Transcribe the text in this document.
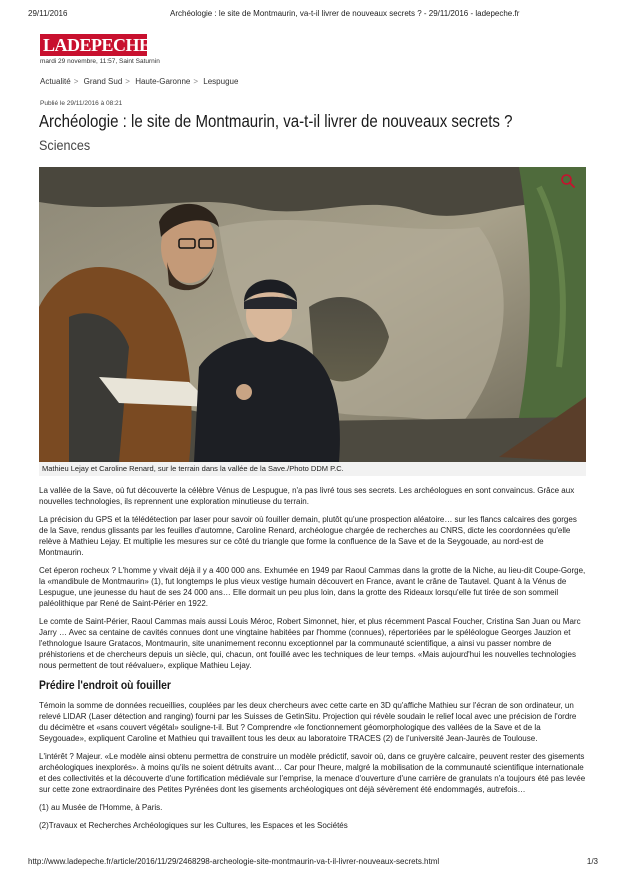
29/11/2016	Archéologie : le site de Montmaurin, va-t-il livrer de nouveaux secrets ? - 29/11/2016 - ladepeche.fr
LADEPECHE.fr
mardi 29 novembre, 11:57, Saint Saturnin
Actualité > Grand Sud > Haute-Garonne > Lespugue
Publié le 29/11/2016 à 08:21
Archéologie : le site de Montmaurin, va-t-il livrer de nouveaux secrets ?
Sciences
Mathieu Lejay et Caroline Renard, sur le terrain dans la vallée de la Save./Photo DDM P.C.

La vallée de la Save, où fut découverte la célèbre Vénus de Lespugue, n'a pas livré tous ses secrets. Les archéologues en sont convaincus. Grâce aux nouvelles technologies, ils reprennent une exploration minutieuse du terrain.

La précision du GPS et la télédétection par laser pour savoir où fouiller demain, plutôt qu'une prospection aléatoire… sur les flancs calcaires des gorges de la Save, rendus glissants par les feuilles d'automne, Caroline Renard, archéologue chargée de recherches au CNRS, dicte les coordonnées qu'elle relève à Mathieu Lejay. Et multiplie les mesures sur ce côté du triangle que forme la confluence de la Save et de la Seygouade, au nord-est de Montmaurin.

Cet éperon rocheux ? L'homme y vivait déjà il y a 400 000 ans. Exhumée en 1949 par Raoul Cammas dans la grotte de la Niche, au lieu-dit Coupe-Gorge, la «mandibule de Montmaurin» (1), fut longtemps le plus vieux vestige humain découvert en France, avant le crâne de Tautavel. Quant à la Vénus de Lespugue, une jeunesse du haut de ses 24 000 ans… Elle dormait un peu plus loin, dans la grotte des Rideaux lorsqu'elle fut tirée de son sommeil paléolithique par René de Saint-Périer en 1922.

Le comte de Saint-Périer, Raoul Cammas mais aussi Louis Méroc, Robert Simonnet, hier, et plus récemment Pascal Foucher, Cristina San Juan ou Marc Jarry … Avec sa centaine de cavités connues dont une vingtaine habitées par l'homme (connues), répertoriées par le spéléologue Georges Jauzion et l'ethnologue Isaure Gratacos, Montmaurin, site unanimement reconnu exceptionnel par la communauté scientifique, a ainsi vu passer nombre de préhistoriens et de chercheurs depuis un siècle, qui, chacun, ont fouillé avec les techniques de leur temps. «Mais aujourd'hui les nouvelles technologies nous permettent de tout réévaluer», explique Mathieu Lejay.

Prédire l'endroit où fouiller

Témoin la somme de données recueillies, couplées par les deux chercheurs avec cette carte en 3D qu'affiche Mathieu sur l'écran de son ordinateur, un relevé LIDAR (Laser détection and ranging) fourni par les Suisses de GetinSitu. Projection qui révèle soudain le relief local avec une précision de l'ordre du décimètre et «sans couvert végétal» souligne-t-il. But ? Comprendre «le fonctionnement géomorphologique des vallées de la Save et de la Seygouade», expliquent Caroline et Mathieu qui travaillent tous les deux au laboratoire TRACES (2) de l'université Jean-Jaurès de Toulouse.

L'intérêt ? Majeur. «Le modèle ainsi obtenu permettra de construire un modèle prédictif, savoir où, dans ce gruyère calcaire, peuvent rester des gisements archéologiques inexplorés». à moins qu'ils ne soient détruits avant… Car pour l'heure, malgré la mobilisation de la communauté scientifique internationale et des collectivités et la découverte d'une fortification médiévale sur l'emprise, la menace d'ouverture d'une carrière de granulats n'a toujours été pas levée sur cette zone extraordinaire des Petites Pyrénées dont les gisements archéologiques ont déjà sévèrement été endommagés, autrefois…

(1) au Musée de l'Homme, à Paris.

(2)Travaux et Recherches Archéologiques sur les Cultures, les Espaces et les Sociétés

http://www.ladepeche.fr/article/2016/11/29/2468298-archeologie-site-montmaurin-va-t-il-livrer-nouveaux-secrets.html	1/3
